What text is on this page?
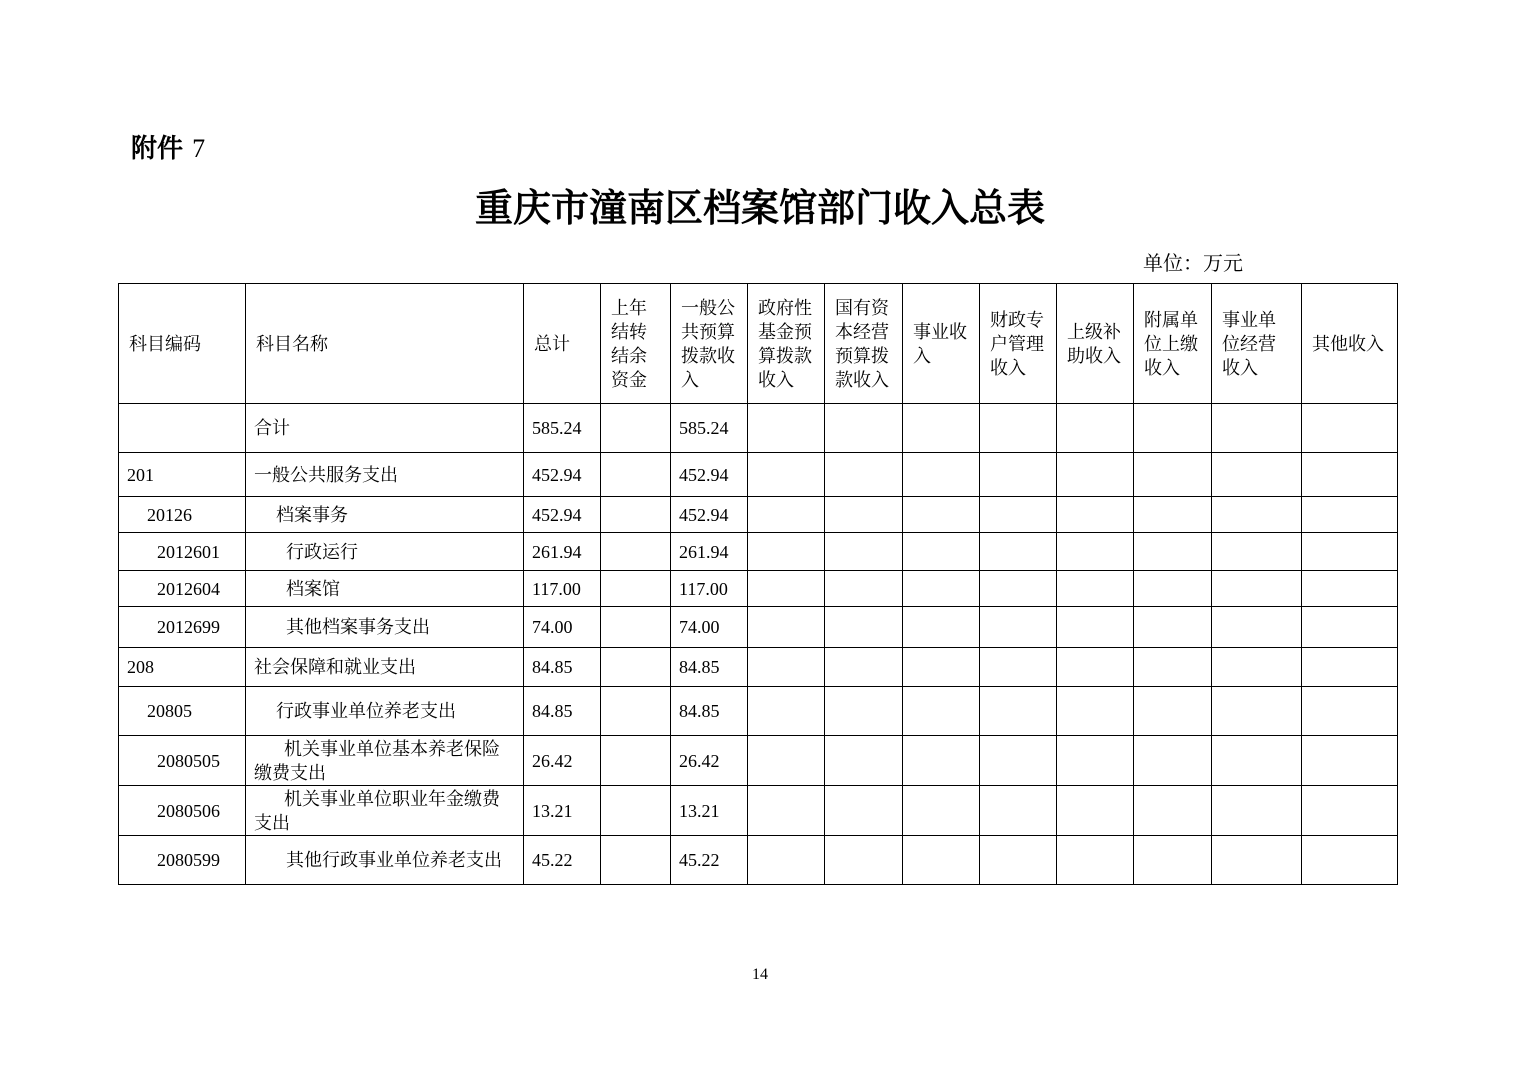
附件 7
重庆市潼南区档案馆部门收入总表
单位：万元
科目编码	科目名称	总计	上年结转结余资金	一般公共预算拨款收入	政府性基金预算拨款收入	国有资本经营预算拨款收入	事业收入	财政专户管理收入	上级补助收入	附属单位上缴收入	事业单位经营收入	其他收入
	合计	585.24		585.24								
201	一般公共服务支出	452.94		452.94								
20126	档案事务	452.94		452.94								
2012601	行政运行	261.94		261.94								
2012604	档案馆	117.00		117.00								
2012699	其他档案事务支出	74.00		74.00								
208	社会保障和就业支出	84.85		84.85								
20805	行政事业单位养老支出	84.85		84.85								
2080505	机关事业单位基本养老保险缴费支出	26.42		26.42								
2080506	机关事业单位职业年金缴费支出	13.21		13.21								
2080599	其他行政事业单位养老支出	45.22		45.22								
14
